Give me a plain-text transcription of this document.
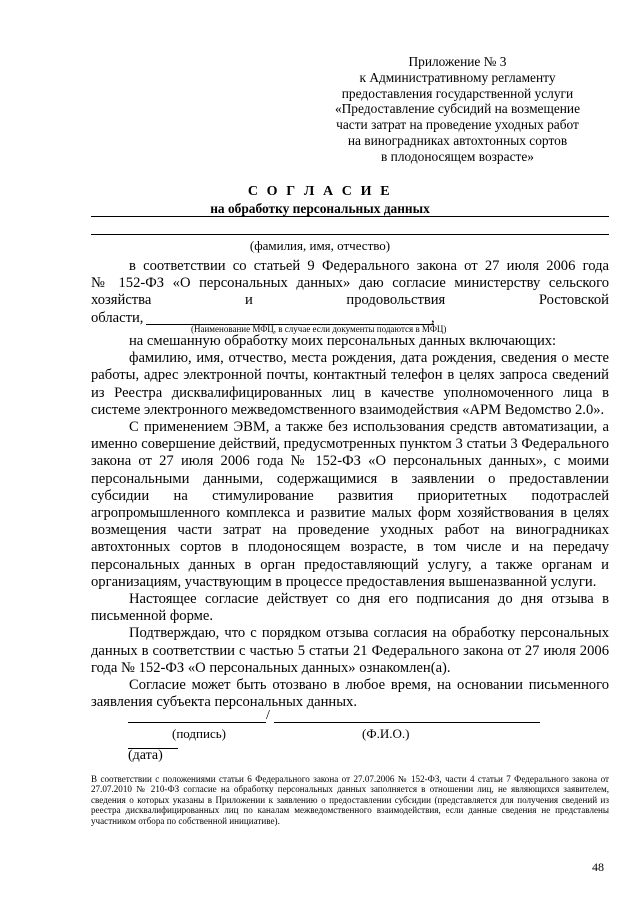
Приложение № 3
к Административному регламенту
предоставления государственной услуги
«Предоставление субсидий на возмещение
части затрат на проведение уходных работ
на виноградниках автохтонных сортов
в плодоносящем возрасте»
С О Г Л А С И Е
на обработку персональных данных
(фамилия, имя, отчество)

в соответствии со статьей 9 Федерального закона от 27 июля 2006 года

№ 152-ФЗ «О персональных данных» даю согласие министерству сельского

хозяйства	и	продовольствия	Ростовской
области,	,
(Наименование МФЦ, в случае если документы подаются в МФЦ)

на смешанную обработку моих персональных данных включающих:

фамилию, имя, отчество, места рождения, дата рождения, сведения о месте работы, адрес электронной почты, контактный телефон в целях запроса сведений из Реестра дисквалифицированных лиц в качестве уполномоченного лица в системе электронного межведомственного взаимодействия «АРМ Ведомство 2.0».

С применением ЭВМ, а также без использования средств автоматизации, а именно совершение действий, предусмотренных пунктом 3 статьи 3 Федерального закона от 27 июля 2006 года № 152-ФЗ «О персональных данных», с моими персональными данными, содержащимися в заявлении о предоставлении субсидии на стимулирование развития приоритетных подотраслей агропромышленного комплекса и развитие малых форм хозяйствования в целях возмещения части затрат на проведение уходных работ на виноградниках автохтонных сортов в плодоносящем возрасте, в том числе и на передачу персональных данных в орган предоставляющий услугу, а также органам и организациям, участвующим в процессе предоставления вышеназванной услуги.

Настоящее согласие действует со дня его подписания до дня отзыва в письменной форме.

Подтверждаю, что с порядком отзыва согласия на обработку персональных данных в соответствии с частью 5 статьи 21 Федерального закона от 27 июля 2006 года № 152-ФЗ «О персональных данных» ознакомлен(а).

Согласие может быть отозвано в любое время, на основании письменного заявления субъекта персональных данных.

/
(подпись)	(Ф.И.О.)
(дата)
В соответствии с положениями статьи 6 Федерального закона от 27.07.2006 № 152-ФЗ, части 4 статьи 7 Федерального закона от 27.07.2010 № 210-ФЗ согласие на обработку персональных данных заполняется в отношении лиц, не являющихся заявителем, сведения о которых указаны в Приложении к заявлению о предоставлении субсидии (представляется для получения сведений из реестра дисквалифицированных лиц по каналам межведомственного взаимодействия, если данные сведения не представлены участником отбора по собственной инициативе).
48
